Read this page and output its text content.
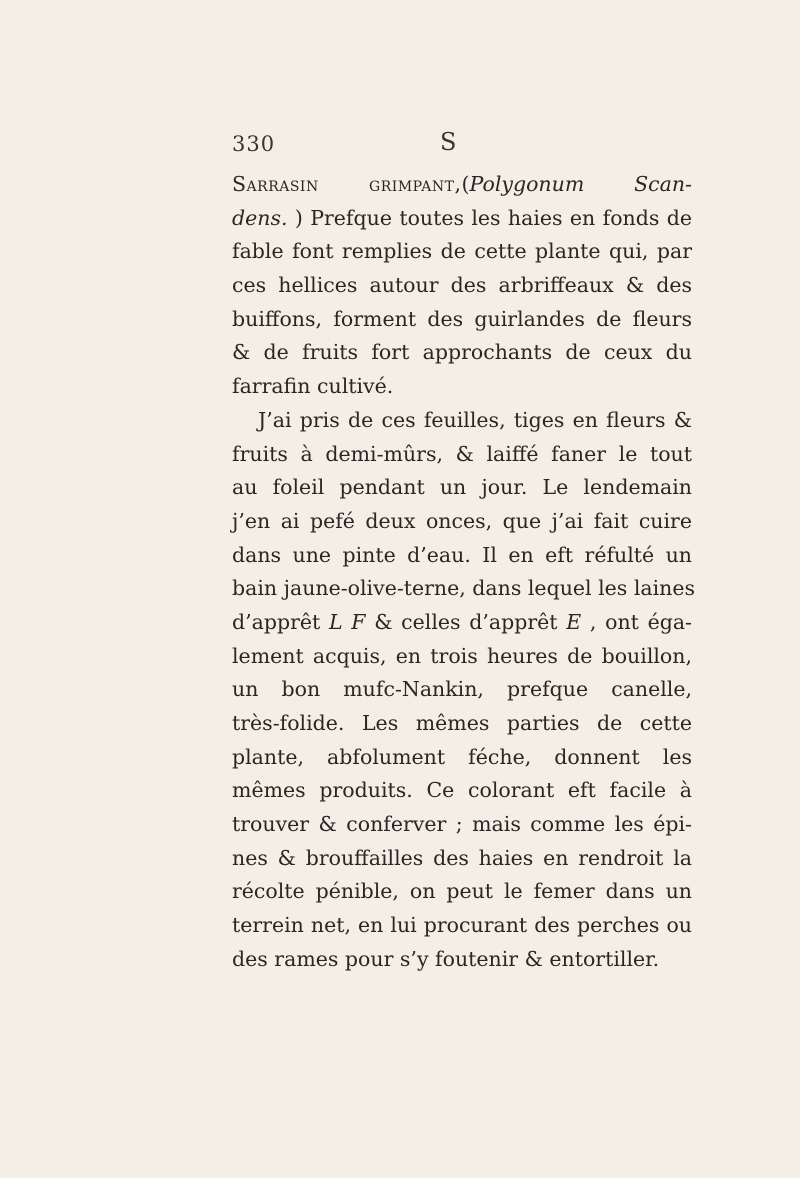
330	S
Sarrasin grimpant,(Polygonum Scan-
dens. ) Prefque toutes les haies en fonds de
fable font remplies de cette plante qui, par
ces hellices autour des arbriffeaux & des
buiffons, forment des guirlandes de fleurs
& de fruits fort approchants de ceux du
farrafin cultivé.
J’ai pris de ces feuilles, tiges en fleurs &
fruits à demi-mûrs, & laiffé faner le tout
au foleil pendant un jour. Le lendemain
j’en ai pefé deux onces, que j’ai fait cuire
dans une pinte d’eau. Il en eft réfulté un
bain jaune-olive-terne, dans lequel les laines
d’apprêt L F & celles d’apprêt E , ont éga-
lement acquis, en trois heures de bouillon,
un bon mufc-Nankin, prefque canelle,
très-folide. Les mêmes parties de cette
plante, abfolument féche, donnent les
mêmes produits. Ce colorant eft facile à
trouver & conferver ; mais comme les épi-
nes & brouffailles des haies en rendroit la
récolte pénible, on peut le femer dans un
terrein net, en lui procurant des perches ou
des rames pour s’y foutenir & entortiller.
